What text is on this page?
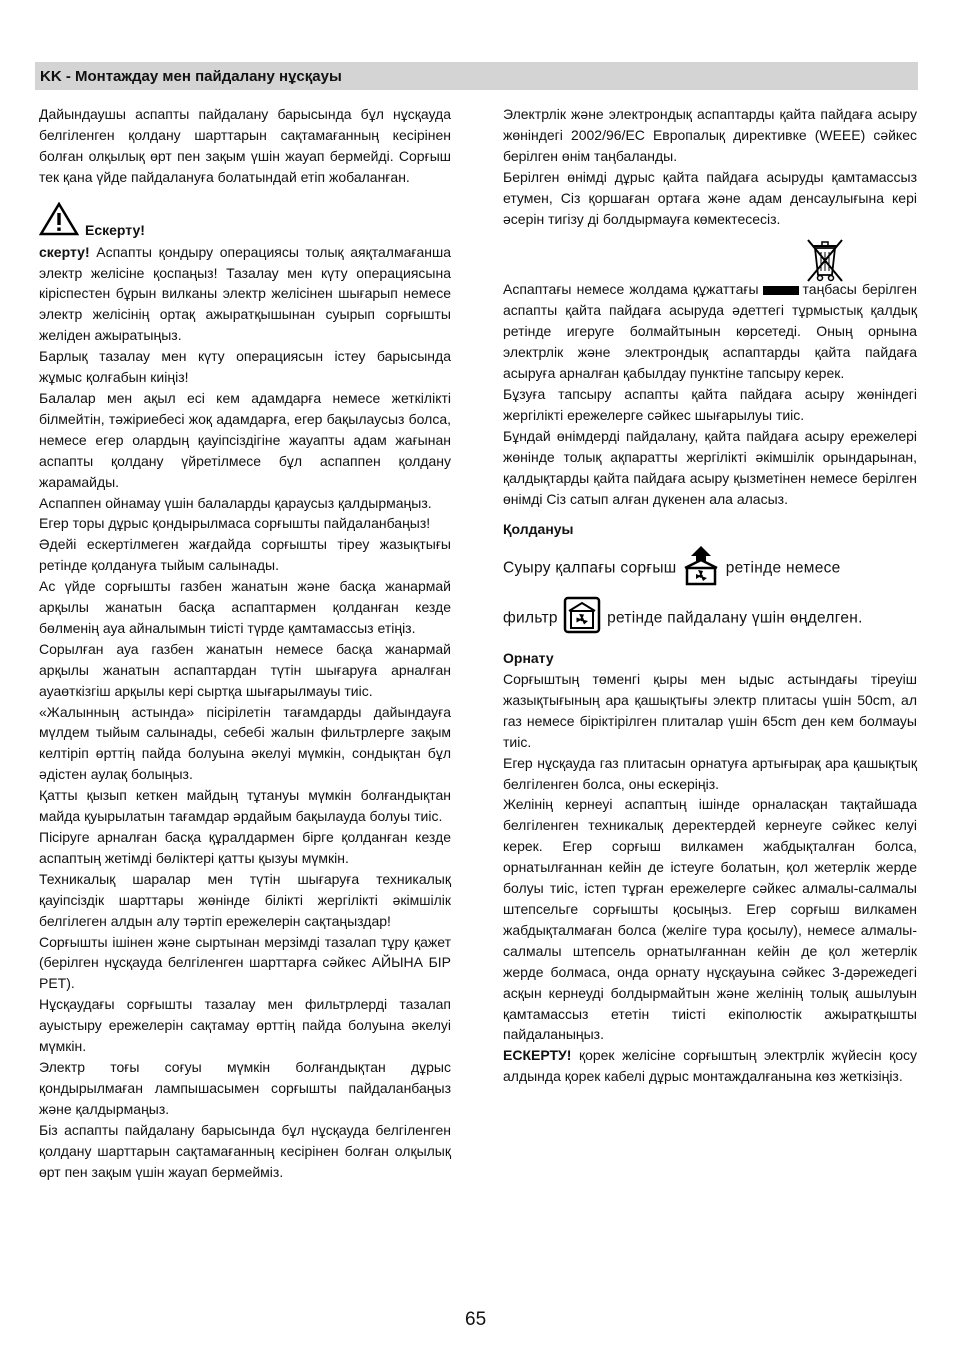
KK - Монтаждау мен пайдалану нұсқауы

Дайындаушы аспапты пайдалану барысында бұл нұсқауда белгіленген қолдану шарттарын сақтамағанның кесірінен болған олқылық өрт пен зақым үшін жауап бермейді. Сорғыш тек қана үйде пайдалануға болатындай етіп жобаланған.

Ескерту!

скерту! Аспапты қондыру операциясы толық аяқталмағанша электр желісіне қоспаңыз! Тазалау мен күту операциясына кіріспестен бұрын вилканы электр желісінен шығарып немесе электр желісінің ортақ ажыратқышынан суырып сорғышты желіден ажыратыңыз.

Барлық тазалау мен күту операциясын істеу барысында жұмыс қолғабын киіңіз!

Балалар мен ақыл есі кем адамдарға немесе жеткілікті білмейтін, тәжіриебесі жоқ адамдарға, егер бақылаусыз болса, немесе егер олардың қауіпсіздігіне жауапты адам жағынан аспапты қолдану үйретілмесе бұл аспаппен қолдану жарамайды.

Аспаппен ойнамау үшін балаларды қараусыз қалдырмаңыз.

Егер торы дұрыс қондырылмаса сорғышты пайдаланбаңыз!

Әдейі ескертілмеген жағдайда сорғышты тіреу жазықтығы ретінде қолдануға тыйым салынады.

Ас үйде сорғышты газбен жанатын және басқа жанармай арқылы жанатын басқа аспаптармен қолданған кезде бөлменің ауа айналымын тиісті түрде қамтамассыз етіңіз.

Сорылған ауа газбен жанатын немесе басқа жанармай арқылы жанатын аспаптардан түтін шығаруға арналған ауаөткізгіш арқылы кері сыртқа шығарылмауы тиіс.

«Жалынның астында» пісірілетін тағамдарды дайындауға мүлдем тыйым салынады, себебі жалын фильтрлерге зақым келтіріп өрттің пайда болуына әкелуі мүмкін, сондықтан бұл әдістен аулақ болыңыз.

Қатты қызып кеткен майдың тұтануы мүмкін болғандықтан майда қуырылатын тағамдар әрдайым бақылауда болуы тиіс.

Пісіруге арналған басқа құралдармен бірге қолданған кезде аспаптың жетімді бөліктері қатты қызуы мүмкін.

Техникалық шаралар мен түтін шығаруға техникалық қауіпсіздік шарттары жөнінде білікті жергілікті әкімшілік белгілеген алдын алу тәртіп ережелерін сақтаңыздар!

Сорғышты ішінен және сыртынан мерзімді тазалап тұру қажет (берілген нұсқауда белгіленген шарттарға сәйкес АЙЫНА БІР РЕТ).

Нұсқаудағы сорғышты тазалау мен фильтрлерді тазалап ауыстыру ережелерін сақтамау өрттің пайда болуына әкелуі мүмкін.

Электр тоғы соғуы мүмкін болғандықтан дұрыс қондырылмаған лампышасымен сорғышты пайдаланбаңыз және қалдырмаңыз.

Біз аспапты пайдалану барысында бұл нұсқауда белгіленген қолдану шарттарын сақтамағанның кесірінен болған олқылық өрт пен зақым үшін жауап бермейміз.

Электрлік және электрондық аспаптарды қайта пайдаға асыру жөніндегі 2002/96/EC Европалық директивке (WEEE) сәйкес берілген өнім таңбаланды.

Берілген өнімді дұрыс қайта пайдаға асыруды қамтамассыз етумен, Сіз қоршаған ортаға және адам денсаулығына кері әсерін тигізу ді болдырмауға көмектесесіз.

Аспаптағы немесе жолдама құжаттағы	таңбасы берілген аспапты қайта пайдаға асыруда әдеттегі тұрмыстық қалдық ретінде игеруге болмайтынын көрсетеді. Оның орнына электрлік және электрондық аспаптарды қайта пайдаға асыруға арналған қабылдау пунктіне тапсыру керек.

Бұзуға тапсыру аспапты қайта пайдаға асыру жөніндегі жергілікті ережелерге сәйкес шығарылуы тиіс.

Бұндай өнімдерді пайдалану, қайта пайдаға асыру ережелері жөнінде толық ақпаратты жергілікті әкімшілік орындарынан, қалдықтарды қайта пайдаға асыру қызметінен немесе берілген өнімді Сіз сатып алған дүкенен ала аласыз.

Қолдануы

Суыру қалпағы сорғыш	ретінде немесе

фильтр	ретінде пайдалану үшін өңделген.

Орнату

Сорғыштың төменгі қыры мен ыдыс астындағы тіреуіш жазықтығының ара қашықтығы электр плитасы үшін 50cm, ал газ немесе біріктірілген плиталар үшін 65cm ден кем болмауы тиіс.

Егер нұсқауда газ плитасын орнатуға артығырақ ара қашықтық белгіленген болса, оны ескеріңіз.

Желінің кернеуі аспаптың ішінде орналасқан тақтайшада белгіленген техникалық деректердей кернеуге сәйкес келуі керек. Егер сорғыш вилкамен жабдықталған болса, орнатылғаннан кейін де істеуге болатын, қол жетерлік жерде болуы тиіс, істеп тұрған ережелерге сәйкес алмалы-салмалы штепсельге сорғышты қосыңыз. Егер сорғыш вилкамен жабдықталмаған болса (желіге тура қосылу), немесе алмалы-салмалы штепсель орнатылғаннан кейін де қол жетерлік жерде болмаса, онда орнату нұсқауына сәйкес 3-дәрежедегі асқын кернеуді болдырмайтын және желінің толық ашылуын қамтамассыз ететін тиісті екіполюстік ажыратқышты пайдаланыңыз.

ЕСКЕРТУ! қорек желісіне сорғыштың электрлік жүйесін қосу алдында қорек кабелі дұрыс монтаждалғанына көз жеткізіңіз.

65
